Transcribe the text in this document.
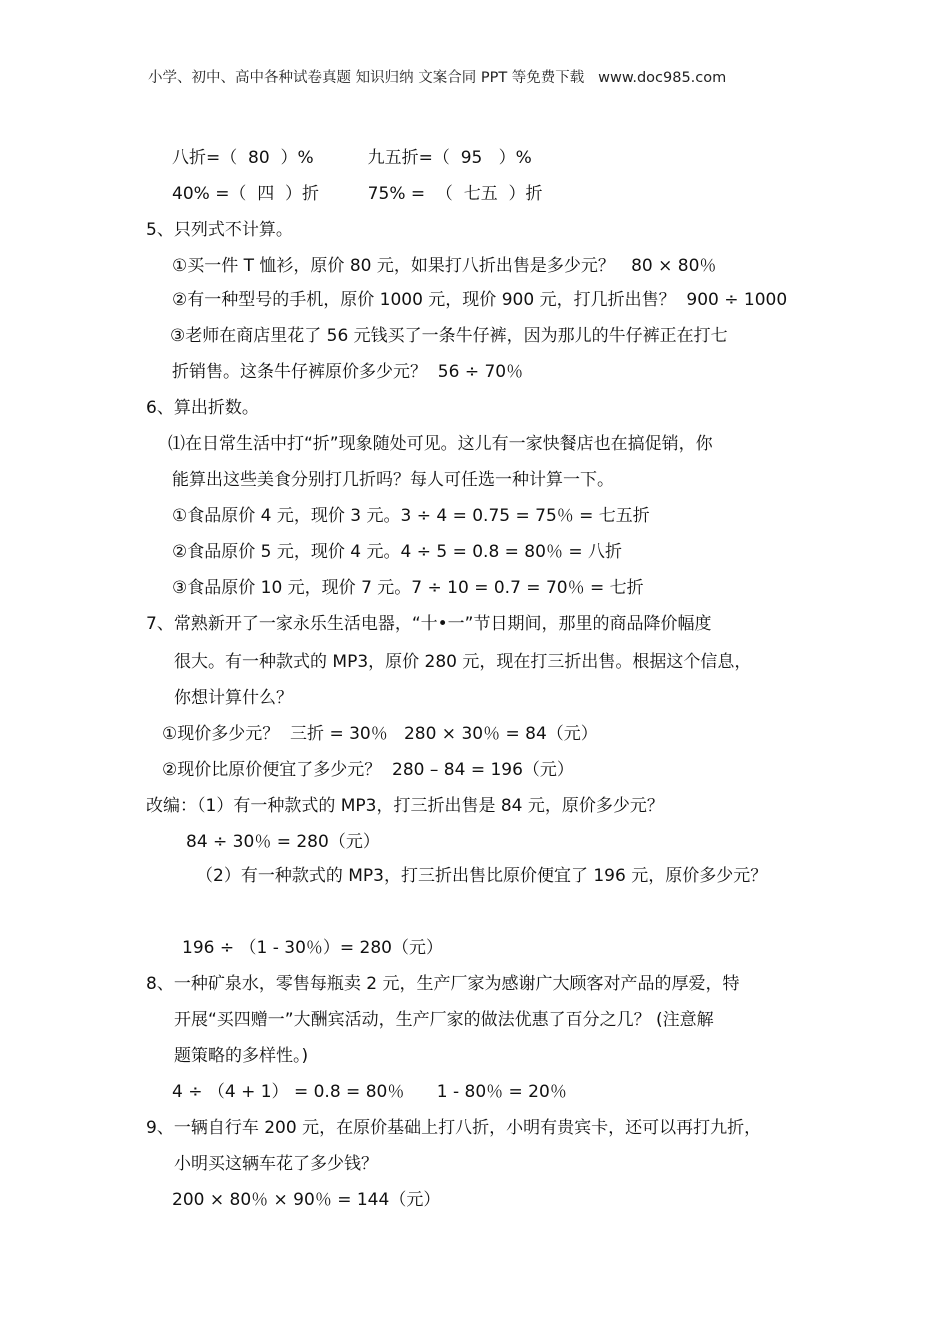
小学、初中、高中各种试卷真题 知识归纳 文案合同 PPT 等免费下载   www.doc985.com
八折=（  80  ）%          九五折=（  95   ）%
40% =（  四  ）折         75% =  （  七五  ）折
5、只列式不计算。
①买一件 T 恤衫，原价 80 元，如果打八折出售是多少元？   80 × 80％
②有一种型号的手机，原价 1000 元，现价 900 元，打几折出售？  900 ÷ 1000
③老师在商店里花了 56 元钱买了一条牛仔裤，因为那儿的牛仔裤正在打七
折销售。这条牛仔裤原价多少元？  56 ÷ 70％
6、算出折数。
⑴在日常生活中打“折”现象随处可见。这儿有一家快餐店也在搞促销，你
能算出这些美食分别打几折吗？每人可任选一种计算一下。
①食品原价 4 元，现价 3 元。3 ÷ 4 = 0.75 = 75％ = 七五折
②食品原价 5 元，现价 4 元。4 ÷ 5 = 0.8 = 80％ = 八折
③食品原价 10 元，现价 7 元。7 ÷ 10 = 0.7 = 70％ = 七折
7、常熟新开了一家永乐生活电器，“十•一”节日期间，那里的商品降价幅度
很大。有一种款式的 MP3，原价 280 元，现在打三折出售。根据这个信息，
你想计算什么？
①现价多少元？  三折 = 30％   280 × 30％ = 84（元）
②现价比原价便宜了多少元？  280 – 84 = 196（元）
改编：（1）有一种款式的 MP3，打三折出售是 84 元，原价多少元？
84 ÷ 30％ = 280（元）
（2）有一种款式的 MP3，打三折出售比原价便宜了 196 元，原价多少元？
196 ÷ （1 - 30％）= 280（元）
8、一种矿泉水，零售每瓶卖 2 元，生产厂家为感谢广大顾客对产品的厚爱，特
开展“买四赠一”大酬宾活动，生产厂家的做法优惠了百分之几？ (注意解
题策略的多样性。)
4 ÷ （4 + 1） = 0.8 = 80％      1 - 80％ = 20％
9、一辆自行车 200 元，在原价基础上打八折，小明有贵宾卡，还可以再打九折，
小明买这辆车花了多少钱？
200 × 80％ × 90％ = 144（元）
